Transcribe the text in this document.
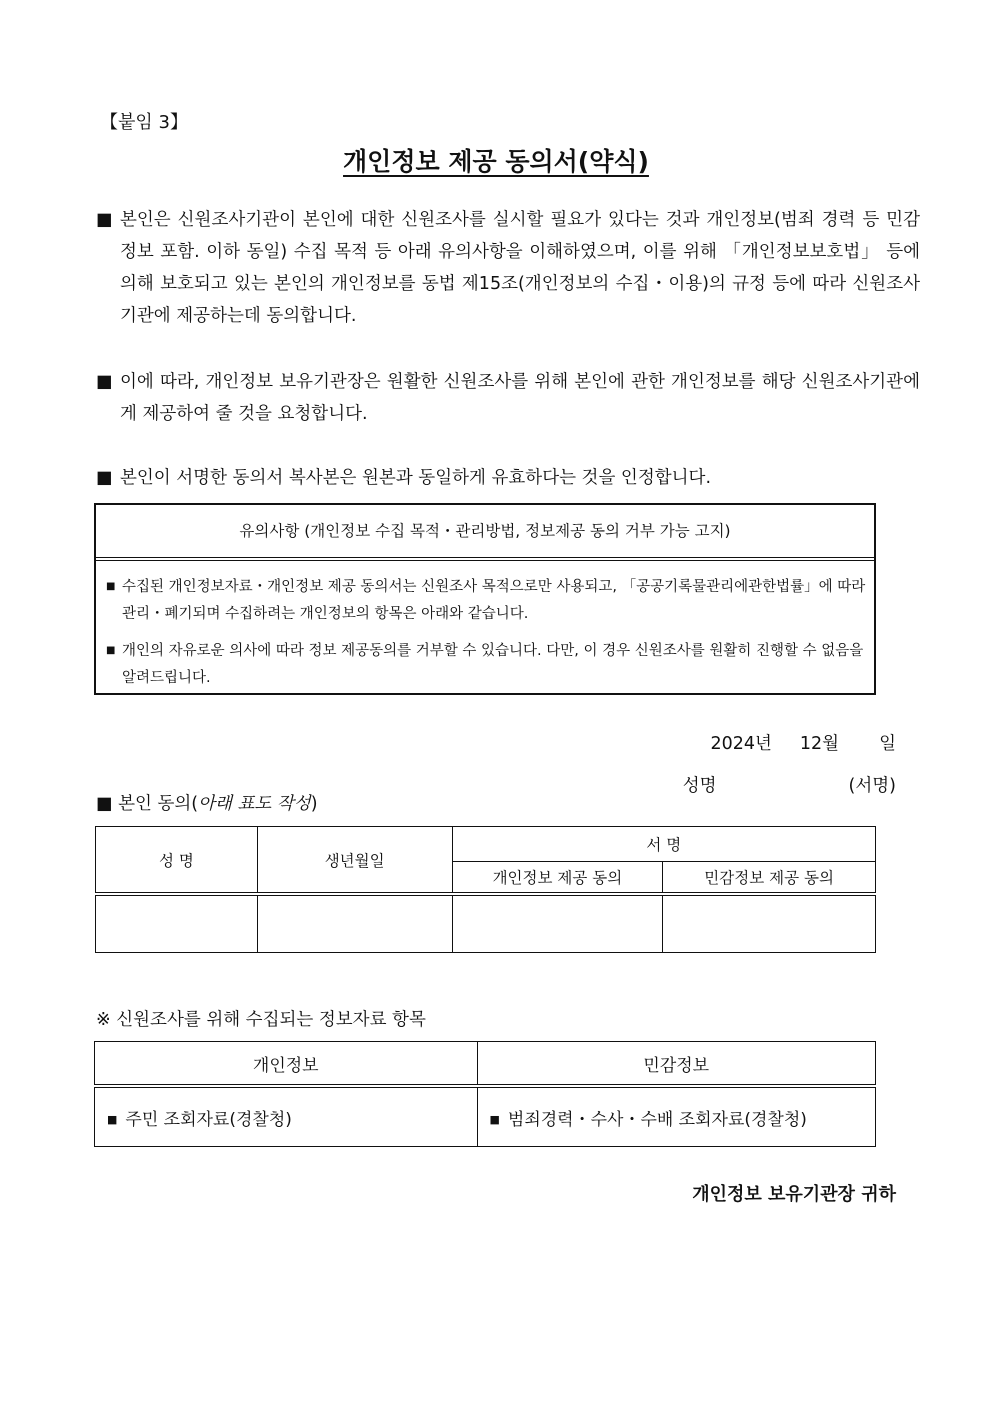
【붙임 3】
개인정보 제공 동의서(약식)
■ 본인은 신원조사기관이 본인에 대한 신원조사를 실시할 필요가 있다는 것과 개인정보(범죄 경력 등 민감정보 포함. 이하 동일) 수집 목적 등 아래 유의사항을 이해하였으며, 이를 위해 「개인정보보호법」 등에 의해 보호되고 있는 본인의 개인정보를 동법 제15조(개인정보의 수집・이용)의 규정 등에 따라 신원조사기관에 제공하는데 동의합니다.
■ 이에 따라, 개인정보 보유기관장은 원활한 신원조사를 위해 본인에 관한 개인정보를 해당 신원조사기관에게 제공하여 줄 것을 요청합니다.
■ 본인이 서명한 동의서 복사본은 원본과 동일하게 유효하다는 것을 인정합니다.
유의사항 (개인정보 수집 목적・관리방법, 정보제공 동의 거부 가능 고지)
■ 수집된 개인정보자료・개인정보 제공 동의서는 신원조사 목적으로만 사용되고, 「공공기록물관리에관한법률」에 따라 관리・폐기되며 수집하려는 개인정보의 항목은 아래와 같습니다.
■ 개인의 자유로운 의사에 따라 정보 제공동의를 거부할 수 있습니다. 다만, 이 경우 신원조사를 원활히 진행할 수 없음을 알려드립니다.
2024년 12월 일
성명	(서명)
■ 본인 동의(아래 표도 작성)
성 명	생년월일	서 명	
		개인정보 제공 동의	민감정보 제공 동의

※ 신원조사를 위해 수집되는 정보자료 항목
개인정보	민감정보
■ 주민 조회자료(경찰청)	■ 범죄경력・수사・수배 조회자료(경찰청)
개인정보 보유기관장 귀하
